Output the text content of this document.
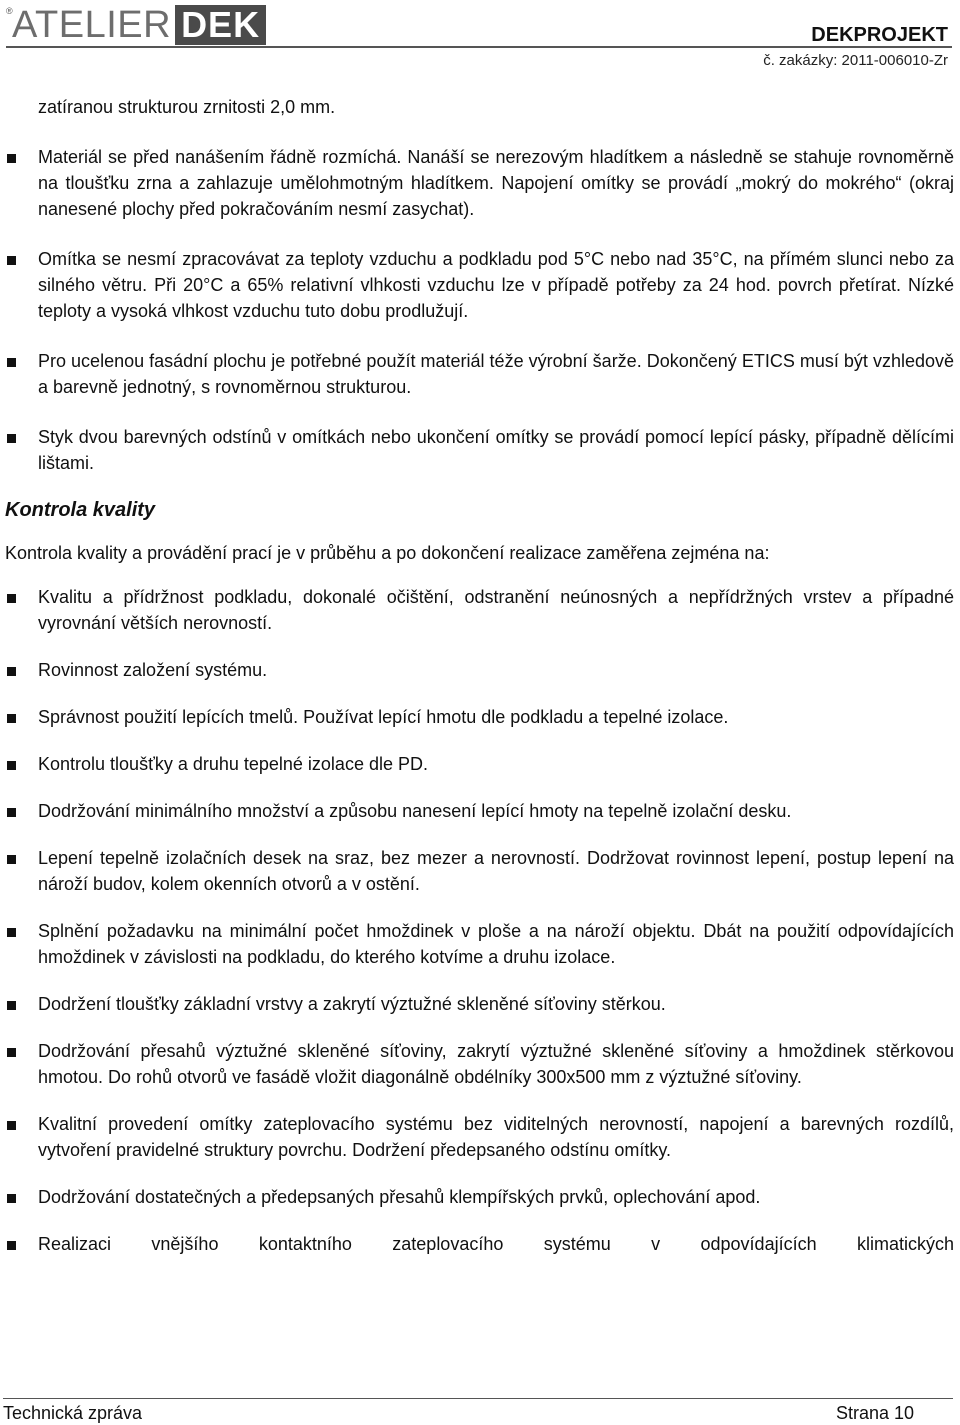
® ATELIER DEK	DEKPROJEKT
č. zakázky: 2011-006010-Zr
zatíranou strukturou zrnitosti 2,0 mm.
Materiál se před nanášením řádně rozmíchá. Nanáší se nerezovým hladítkem a následně se stahuje rovnoměrně na tloušťku zrna a zahlazuje umělohmotným hladítkem. Napojení omítky se provádí „mokrý do mokrého“ (okraj nanesené plochy před pokračováním nesmí zasychat).
Omítka se nesmí zpracovávat za teploty vzduchu a podkladu pod 5°C nebo nad 35°C, na přímém slunci nebo za silného větru. Při 20°C a 65% relativní vlhkosti vzduchu lze v případě potřeby za 24 hod. povrch přetírat. Nízké teploty a vysoká vlhkost vzduchu tuto dobu prodlužují.
Pro ucelenou fasádní plochu je potřebné použít materiál téže výrobní šarže. Dokončený ETICS musí být vzhledově a barevně jednotný, s rovnoměrnou strukturou.
Styk dvou barevných odstínů v omítkách nebo ukončení omítky se provádí pomocí lepící pásky, případně dělícími lištami.
Kontrola kvality
Kontrola kvality a provádění prací je v průběhu a po dokončení realizace zaměřena zejména na:
Kvalitu a přídržnost podkladu, dokonalé očištění, odstranění neúnosných a nepřídržných vrstev a případné vyrovnání větších nerovností.
Rovinnost založení systému.
Správnost použití lepících tmelů. Používat lepící hmotu dle podkladu a tepelné izolace.
Kontrolu tloušťky a druhu tepelné izolace dle PD.
Dodržování minimálního množství a způsobu nanesení lepící hmoty na tepelně izolační desku.
Lepení tepelně izolačních desek na sraz, bez mezer a nerovností. Dodržovat rovinnost lepení, postup lepení na nároží budov, kolem okenních otvorů a v ostění.
Splnění požadavku na minimální počet hmoždinek v ploše a na nároží objektu. Dbát na použití odpovídajících hmoždinek v závislosti na podkladu, do kterého kotvíme a druhu izolace.
Dodržení tloušťky základní vrstvy a zakrytí výztužné skleněné síťoviny stěrkou.
Dodržování přesahů výztužné skleněné síťoviny, zakrytí výztužné skleněné síťoviny a hmoždinek stěrkovou hmotou. Do rohů otvorů ve fasádě vložit diagonálně obdélníky 300x500 mm z výztužné síťoviny.
Kvalitní provedení omítky zateplovacího systému bez viditelných nerovností, napojení a barevných rozdílů, vytvoření pravidelné struktury povrchu. Dodržení předepsaného odstínu omítky.
Dodržování dostatečných a předepsaných přesahů klempířských prvků, oplechování apod.
Realizaci vnějšího kontaktního zateplovacího systému v odpovídajících klimatických
Technická zpráva	Strana 10
